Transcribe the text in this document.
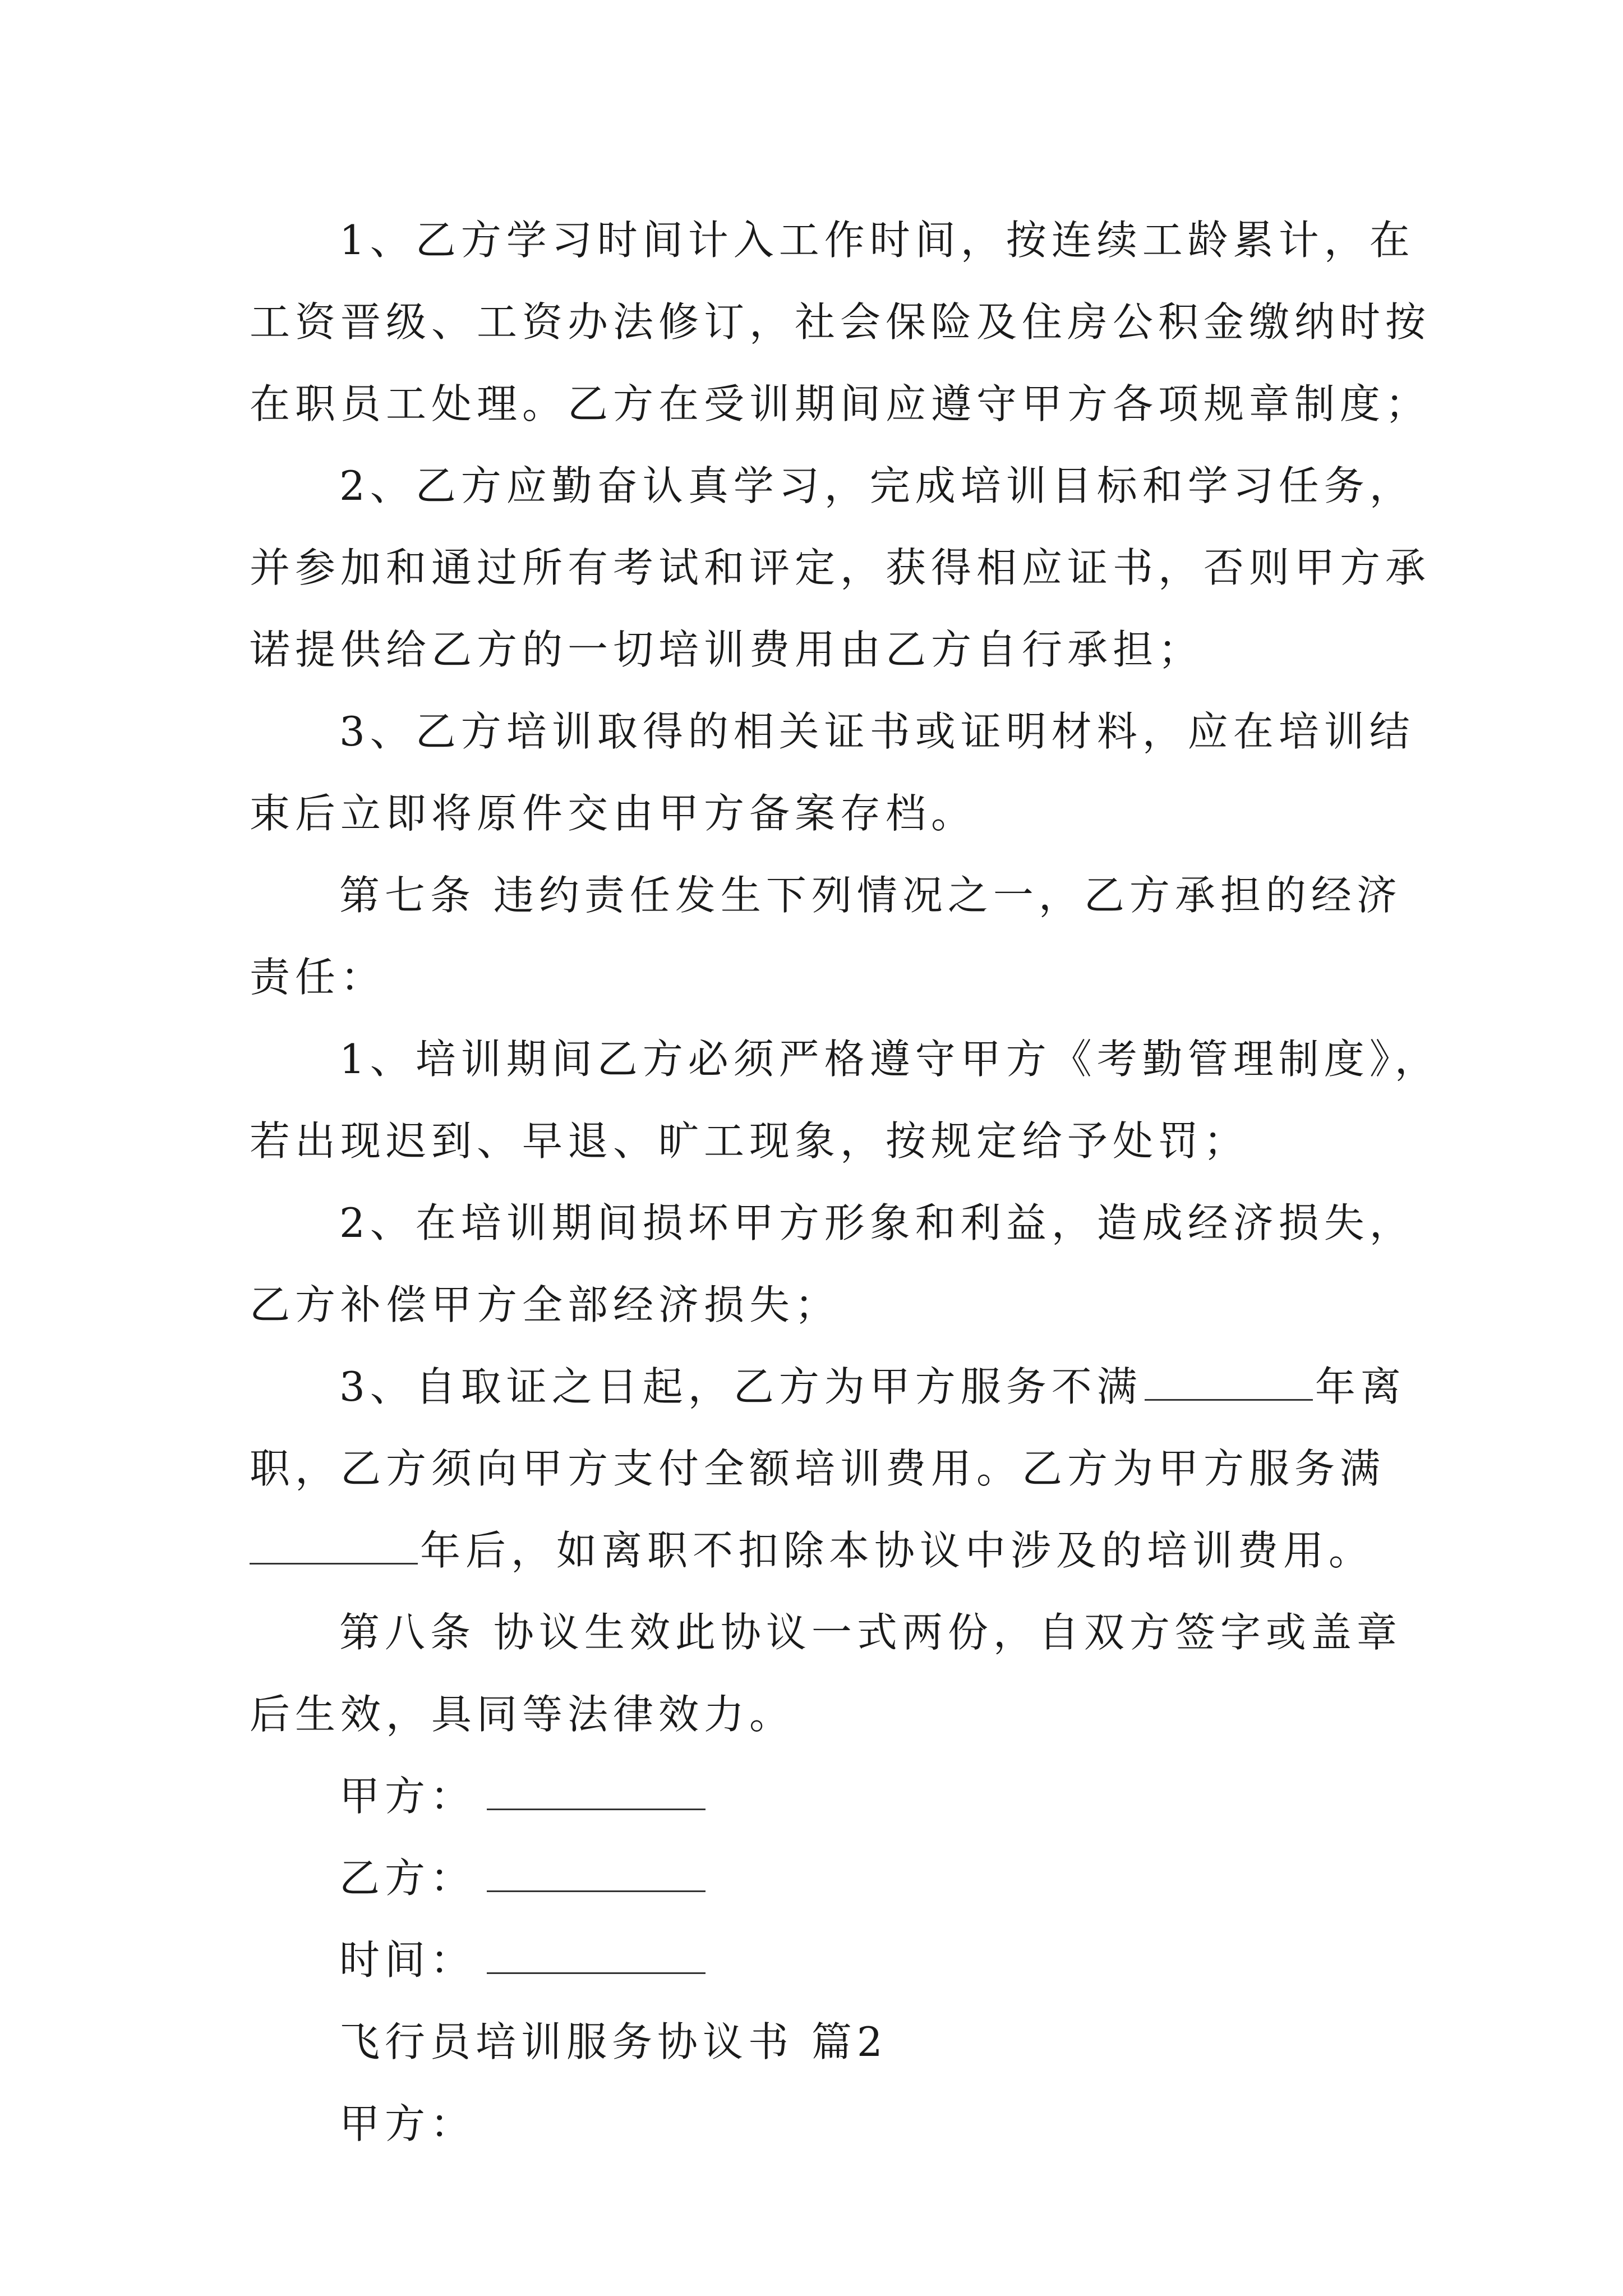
1、乙方学习时间计入工作时间，按连续工龄累计，在
工资晋级、工资办法修订，社会保险及住房公积金缴纳时按
在职员工处理。乙方在受训期间应遵守甲方各项规章制度；
2、乙方应勤奋认真学习，完成培训目标和学习任务，
并参加和通过所有考试和评定，获得相应证书，否则甲方承
诺提供给乙方的一切培训费用由乙方自行承担；
3、乙方培训取得的相关证书或证明材料，应在培训结
束后立即将原件交由甲方备案存档。
第七条 违约责任发生下列情况之一，乙方承担的经济
责任：
1、培训期间乙方必须严格遵守甲方《考勤管理制度》，
若出现迟到、早退、旷工现象，按规定给予处罚；
2、在培训期间损坏甲方形象和利益，造成经济损失，
乙方补偿甲方全部经济损失；
3、自取证之日起，乙方为甲方服务不满	年离
职，乙方须向甲方支付全额培训费用。乙方为甲方服务满
年后，如离职不扣除本协议中涉及的培训费用。
第八条 协议生效此协议一式两份，自双方签字或盖章
后生效，具同等法律效力。
甲方：
乙方：
时间：
飞行员培训服务协议书 篇2
甲方：
